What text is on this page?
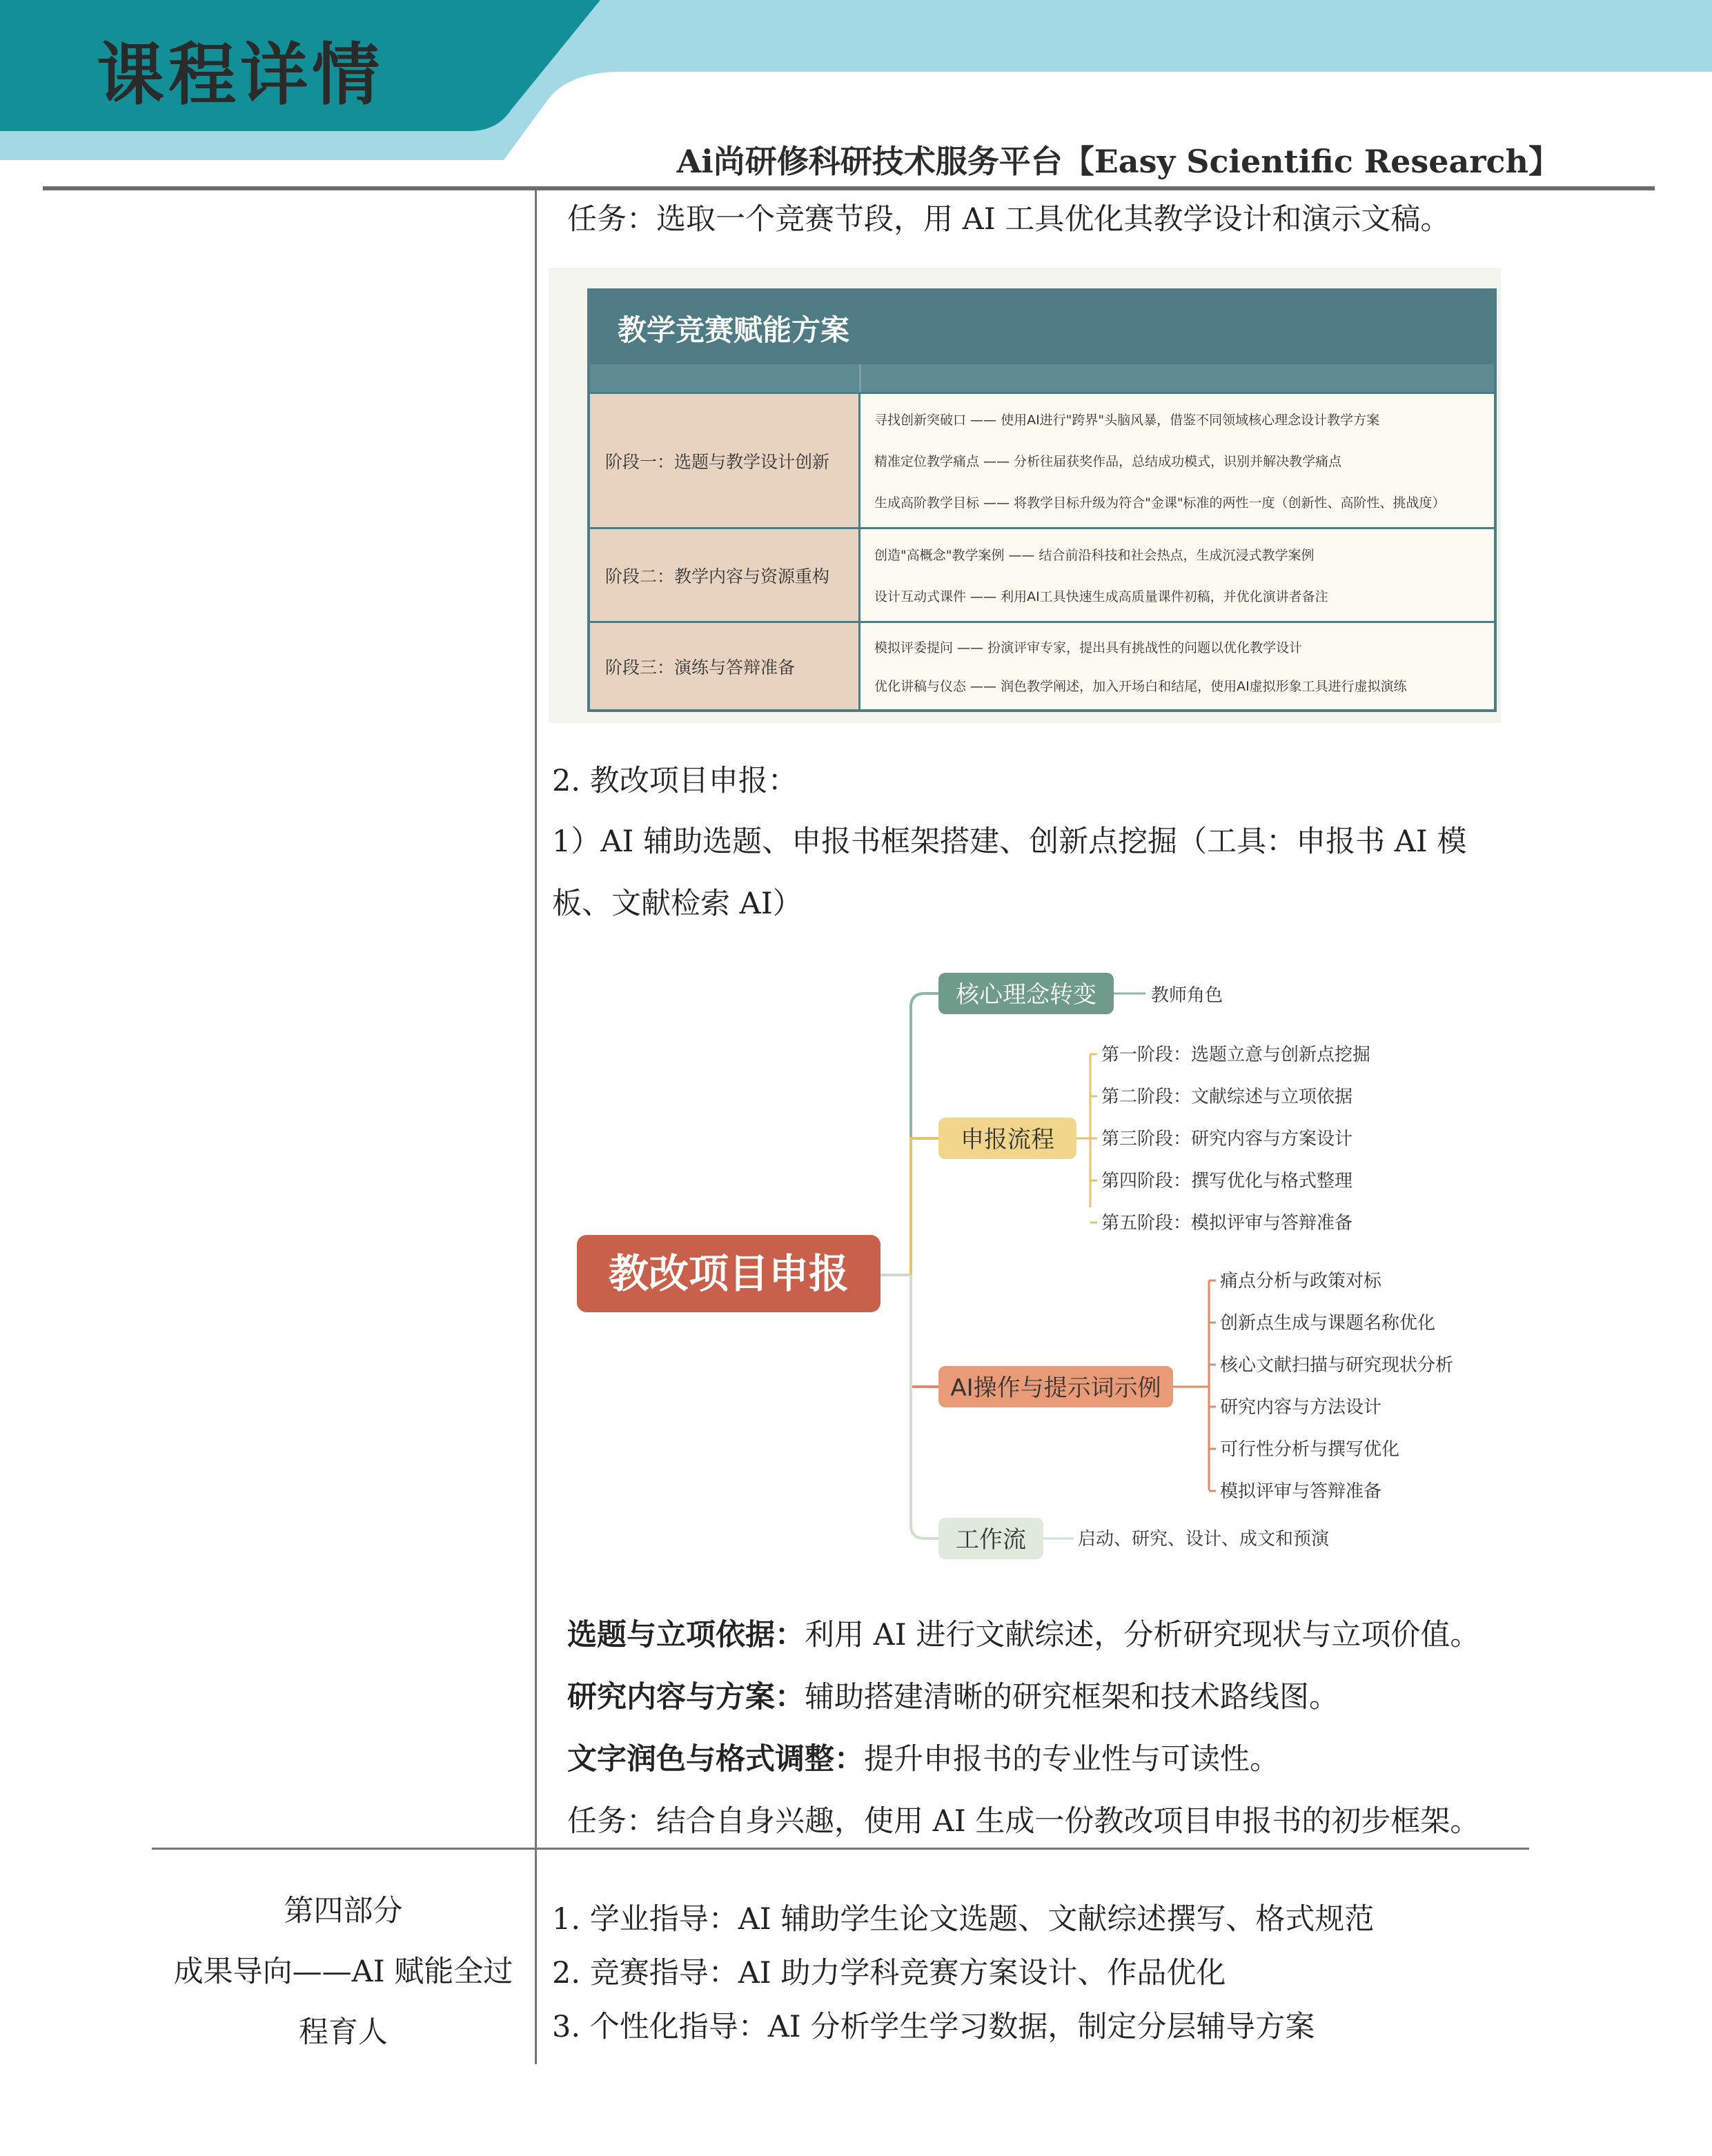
课程详情
Ai尚研修科研技术服务平台【Easy Scientific Research】
任务：选取一个竞赛节段，用 AI 工具优化其教学设计和演示文稿。
教学竞赛赋能方案
阶段一：选题与教学设计创新
寻找创新突破口 —— 使用AI进行"跨界"头脑风暴，借鉴不同领域核心理念设计教学方案
精准定位教学痛点 —— 分析往届获奖作品，总结成功模式，识别并解决教学痛点
生成高阶教学目标 —— 将教学目标升级为符合"金课"标准的两性一度（创新性、高阶性、挑战度）
阶段二：教学内容与资源重构
创造"高概念"教学案例 —— 结合前沿科技和社会热点，生成沉浸式教学案例
设计互动式课件 —— 利用AI工具快速生成高质量课件初稿，并优化演讲者备注
阶段三：演练与答辩准备
模拟评委提问 —— 扮演评审专家，提出具有挑战性的问题以优化教学设计
优化讲稿与仪态 —— 润色教学阐述，加入开场白和结尾，使用AI虚拟形象工具进行虚拟演练
2. 教改项目申报：
1）AI 辅助选题、申报书框架搭建、创新点挖掘（工具：申报书 AI 模
板、文献检索 AI）
教改项目申报
核心理念转变	教师角色
申报流程
第一阶段：选题立意与创新点挖掘
第二阶段：文献综述与立项依据
第三阶段：研究内容与方案设计
第四阶段：撰写优化与格式整理
第五阶段：模拟评审与答辩准备
AI操作与提示词示例
痛点分析与政策对标
创新点生成与课题名称优化
核心文献扫描与研究现状分析
研究内容与方法设计
可行性分析与撰写优化
模拟评审与答辩准备
工作流	启动、研究、设计、成文和预演
选题与立项依据：利用 AI 进行文献综述，分析研究现状与立项价值。
研究内容与方案：辅助搭建清晰的研究框架和技术路线图。
文字润色与格式调整：提升申报书的专业性与可读性。
任务：结合自身兴趣，使用 AI 生成一份教改项目申报书的初步框架。
第四部分
成果导向——AI 赋能全过
程育人
1. 学业指导：AI 辅助学生论文选题、文献综述撰写、格式规范
2. 竞赛指导：AI 助力学科竞赛方案设计、作品优化
3. 个性化指导：AI 分析学生学习数据，制定分层辅导方案
